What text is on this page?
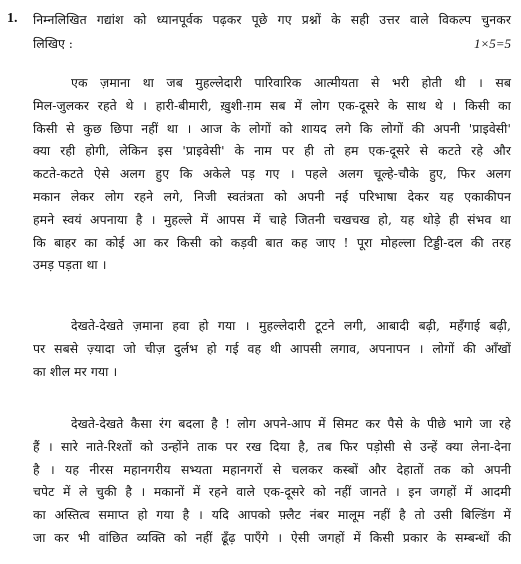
1. निम्नलिखित गद्यांश को ध्यानपूर्वक पढ़कर पूछे गए प्रश्नों के सही उत्तर वाले विकल्प चुनकर
लिखिए :	1×5=5
एक ज़माना था जब मुहल्लेदारी पारिवारिक आत्मीयता से भरी होती थी । सब
मिल-जुलकर रहते थे । हारी-बीमारी, ख़ुशी-ग़म सब में लोग एक-दूसरे के साथ थे । किसी का
किसी से कुछ छिपा नहीं था । आज के लोगों को शायद लगे कि लोगों की अपनी 'प्राइवेसी'
क्या रही होगी, लेकिन इस 'प्राइवेसी' के नाम पर ही तो हम एक-दूसरे से कटते रहे और
कटते-कटते ऐसे अलग हुए कि अकेले पड़ गए । पहले अलग चूल्हे-चौके हुए, फिर अलग
मकान लेकर लोग रहने लगे, निजी स्वतंत्रता को अपनी नई परिभाषा देकर यह एकाकीपन
हमने स्वयं अपनाया है । मुहल्ले में आपस में चाहे जितनी चखचख हो, यह थोड़े ही संभव था
कि बाहर का कोई आ कर किसी को कड़वी बात कह जाए ! पूरा मोहल्ला टिड्डी-दल की तरह
उमड़ पड़ता था ।
देखते-देखते ज़माना हवा हो गया । मुहल्लेदारी टूटने लगी, आबादी बढ़ी, महँगाई बढ़ी,
पर सबसे ज़्यादा जो चीज़ दुर्लभ हो गई वह थी आपसी लगाव, अपनापन । लोगों की आँखों
का शील मर गया ।
देखते-देखते कैसा रंग बदला है ! लोग अपने-आप में सिमट कर पैसे के पीछे भागे जा रहे
हैं । सारे नाते-रिश्तों को उन्होंने ताक पर रख दिया है, तब फिर पड़ोसी से उन्हें क्या लेना-देना
है । यह नीरस महानगरीय सभ्यता महानगरों से चलकर कस्बों और देहातों तक को अपनी
चपेट में ले चुकी है । मकानों में रहने वाले एक-दूसरे को नहीं जानते । इन जगहों में आदमी
का अस्तित्व समाप्त हो गया है । यदि आपको फ़्लैट नंबर मालूम नहीं है तो उसी बिल्डिंग में
जा कर भी वांछित व्यक्ति को नहीं ढूँढ़ पाएँगे । ऐसी जगहों में किसी प्रकार के सम्बन्धों की
